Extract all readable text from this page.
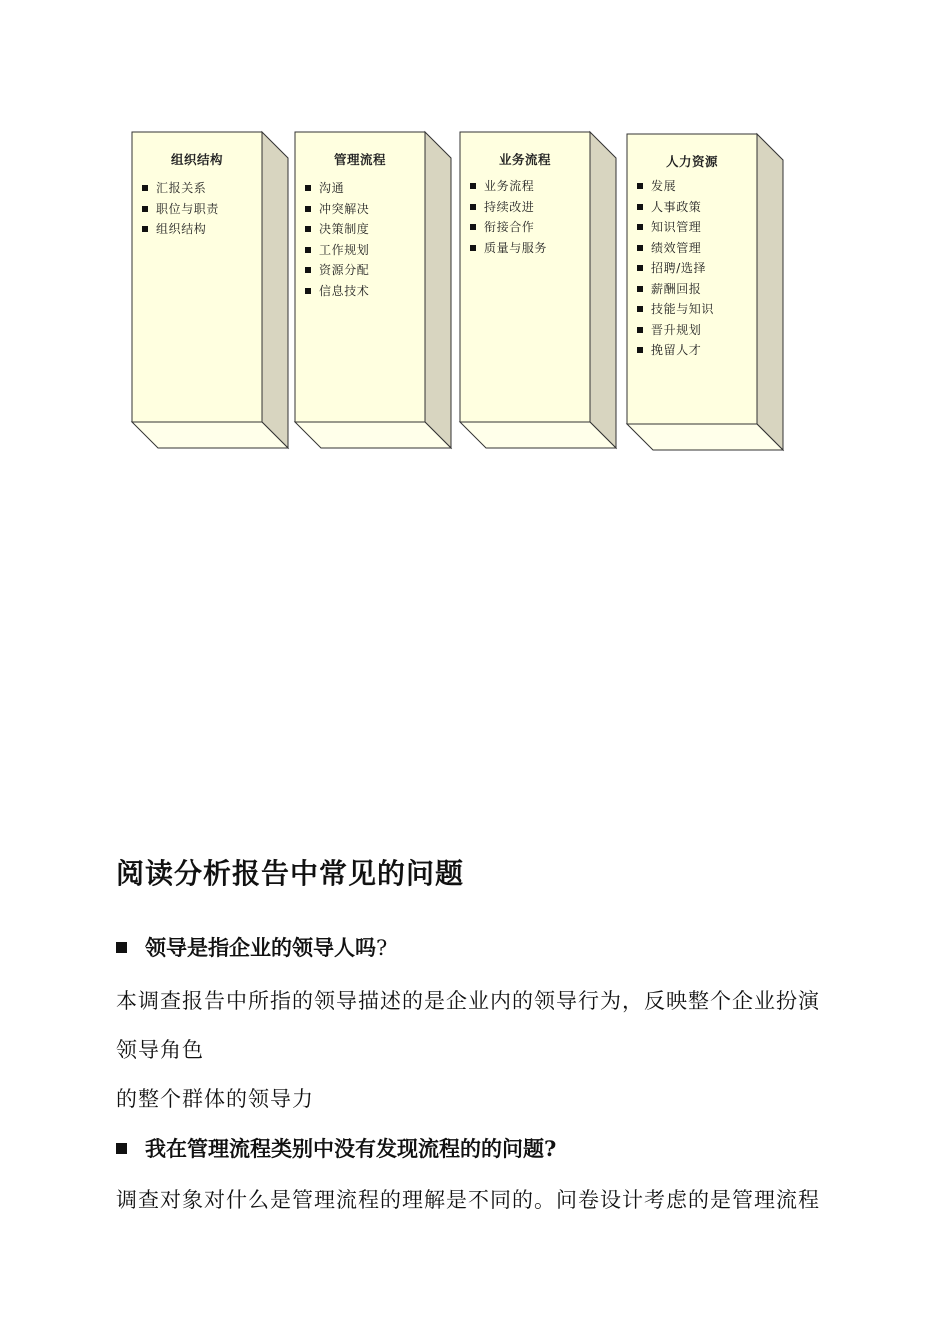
组织结构
汇报关系
职位与职责
组织结构
管理流程
沟通
冲突解决
决策制度
工作规划
资源分配
信息技术
业务流程
业务流程
持续改进
衔接合作
质量与服务
人力资源
发展
人事政策
知识管理
绩效管理
招聘/选择
薪酬回报
技能与知识
晋升规划
挽留人才
阅读分析报告中常见的问题
领导是指企业的领导人吗?
本调查报告中所指的领导描述的是企业内的领导行为，反映整个企业扮演
领导角色
的整个群体的领导力
我在管理流程类别中没有发现流程的的问题?
调查对象对什么是管理流程的理解是不同的。问卷设计考虑的是管理流程
